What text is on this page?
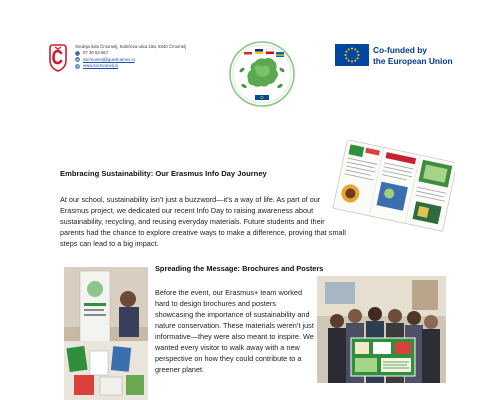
Srednja šola Črnomelj, Kidričeva ulica 18a, 8340 Črnomelj
07 30 53 667
sscrnomelj@guest.arnes.si
www.sscrnomelj.si
Co-funded by
the European Union
Embracing Sustainability: Our Erasmus Info Day Journey
At our school, sustainability isn’t just a buzzword—it’s a way of life. As part of our Erasmus project, we dedicated our recent Info Day to raising awareness about sustainability, recycling, and reusing everyday materials. Future students and their parents had the chance to explore creative ways to make a difference, proving that small steps can lead to a big impact.
Spreading the Message: Brochures and Posters
Before the event, our Erasmus+ team worked hard to design brochures and posters showcasing the importance of sustainability and nature conservation. These materials weren’t just informative—they were also meant to inspire. We wanted every visitor to walk away with a new perspective on how they could contribute to a greener planet.
